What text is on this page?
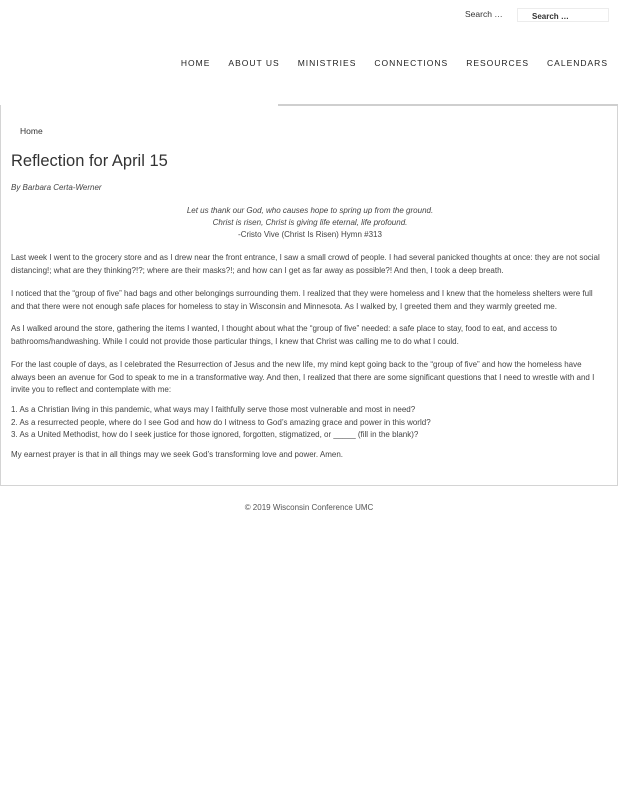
Search …
Search …
HOME ABOUT US MINISTRIES CONNECTIONS RESOURCES CALENDARS
Home
Reflection for April 15

By Barbara Certa-Werner

Let us thank our God, who causes hope to spring up from the ground.
Christ is risen, Christ is giving life eternal, life profound.
-Cristo Vive (Christ Is Risen) Hymn #313

Last week I went to the grocery store and as I drew near the front entrance, I saw a small crowd of people. I had several panicked thoughts at once: they are not social distancing!; what are they thinking?!?; where are their masks?!; and how can I get as far away as possible?! And then, I took a deep breath.

I noticed that the “group of five” had bags and other belongings surrounding them. I realized that they were homeless and I knew that the homeless shelters were full and that there were not enough safe places for homeless to stay in Wisconsin and Minnesota. As I walked by, I greeted them and they warmly greeted me.

As I walked around the store, gathering the items I wanted, I thought about what the “group of five” needed: a safe place to stay, food to eat, and access to bathrooms/handwashing. While I could not provide those particular things, I knew that Christ was calling me to do what I could.

For the last couple of days, as I celebrated the Resurrection of Jesus and the new life, my mind kept going back to the “group of five” and how the homeless have always been an avenue for God to speak to me in a transformative way. And then, I realized that there are some significant questions that I need to wrestle with and I invite you to reflect and contemplate with me:

1. As a Christian living in this pandemic, what ways may I faithfully serve those most vulnerable and most in need?
2. As a resurrected people, where do I see God and how do I witness to God’s amazing grace and power in this world?
3. As a United Methodist, how do I seek justice for those ignored, forgotten, stigmatized, or _____ (fill in the blank)?

My earnest prayer is that in all things may we seek God’s transforming love and power. Amen.

© 2019 Wisconsin Conference UMC
